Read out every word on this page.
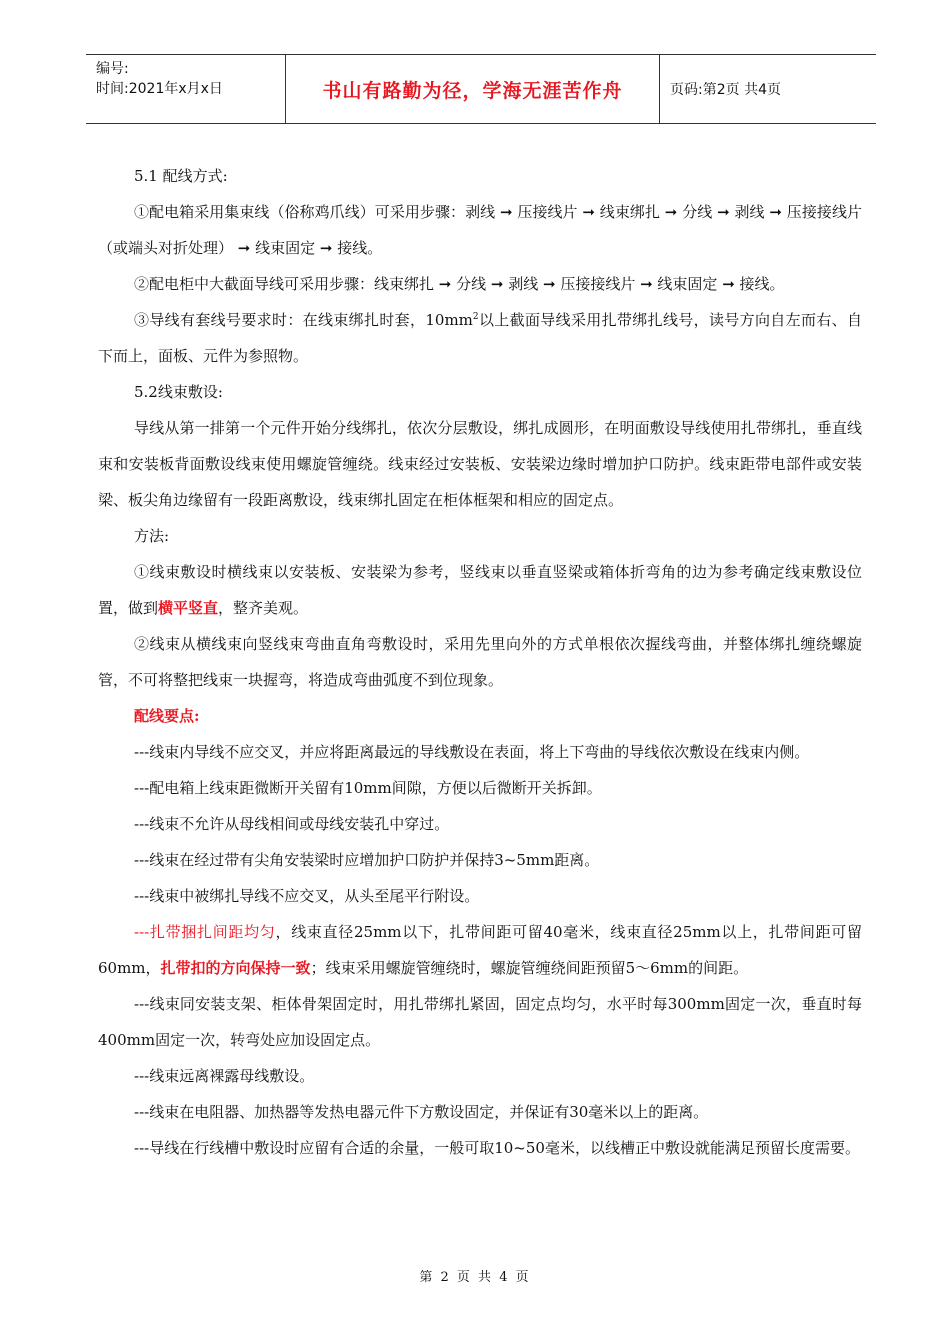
编号:
时间:2021年x月x日	书山有路勤为径，学海无涯苦作舟	页码:第2页 共4页

5.1 配线方式:

①配电箱采用集束线（俗称鸡爪线）可采用步骤：剥线 ➞ 压接线片 ➞ 线束绑扎 ➞ 分线 ➞ 剥线 ➞ 压接接线片（或端头对折处理） ➞ 线束固定 ➞ 接线。

②配电柜中大截面导线可采用步骤：线束绑扎 ➞ 分线 ➞ 剥线 ➞ 压接接线片 ➞ 线束固定 ➞ 接线。

③导线有套线号要求时：在线束绑扎时套，$10mm^2$以上截面导线采用扎带绑扎线号，读号方向自左而右、自下而上，面板、元件为参照物。

5.2线束敷设:

导线从第一排第一个元件开始分线绑扎，依次分层敷设，绑扎成圆形，在明面敷设导线使用扎带绑扎，垂直线束和安装板背面敷设线束使用螺旋管缠绕。线束经过安装板、安装梁边缘时增加护口防护。线束距带电部件或安装梁、板尖角边缘留有一段距离敷设，线束绑扎固定在柜体框架和相应的固定点。

方法:

①线束敷设时横线束以安装板、安装梁为参考，竖线束以垂直竖梁或箱体折弯角的边为参考确定线束敷设位置，做到横平竖直，整齐美观。

②线束从横线束向竖线束弯曲直角弯敷设时，采用先里向外的方式单根依次握线弯曲，并整体绑扎缠绕螺旋管，不可将整把线束一块握弯，将造成弯曲弧度不到位现象。

配线要点:

---线束内导线不应交叉，并应将距离最远的导线敷设在表面，将上下弯曲的导线依次敷设在线束内侧。

---配电箱上线束距微断开关留有10mm间隙，方便以后微断开关拆卸。

---线束不允许从母线相间或母线安装孔中穿过。

---线束在经过带有尖角安装梁时应增加护口防护并保持3~5mm距离。

---线束中被绑扎导线不应交叉，从头至尾平行附设。

---扎带捆扎间距均匀，线束直径25mm以下，扎带间距可留40毫米，线束直径25mm以上，扎带间距可留60mm，扎带扣的方向保持一致；线束采用螺旋管缠绕时，螺旋管缠绕间距预留5～6mm的间距。

---线束同安装支架、柜体骨架固定时，用扎带绑扎紧固，固定点均匀，水平时每300mm固定一次，垂直时每400mm固定一次，转弯处应加设固定点。

---线束远离裸露母线敷设。

---线束在电阻器、加热器等发热电器元件下方敷设固定，并保证有30毫米以上的距离。

---导线在行线槽中敷设时应留有合适的余量，一般可取10~50毫米，以线槽正中敷设就能满足预留长度需要。

第 2 页 共 4 页
